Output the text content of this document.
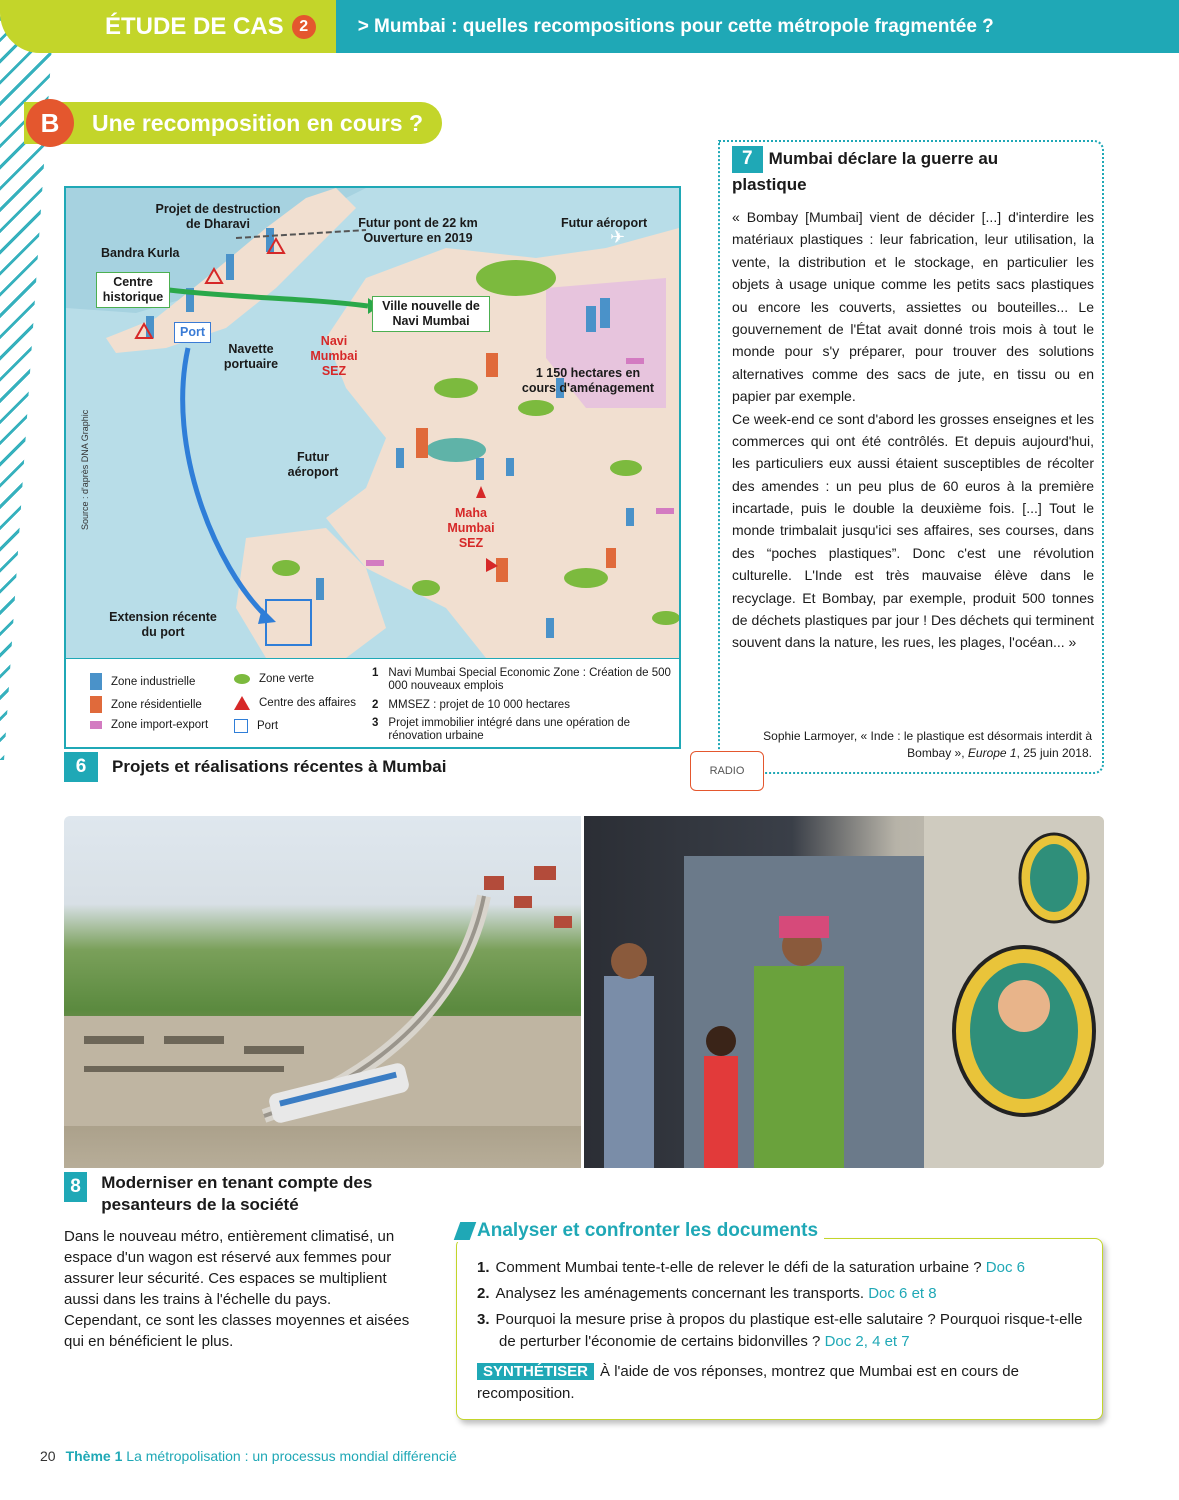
ÉTUDE DE CAS 2	> Mumbai : quelles recompositions pour cette métropole fragmentée ?
B	Une recomposition en cours ?
✈
Projet de destruction de Dharavi
Bandra Kurla
Centre historique
Port
Navette portuaire
Navi Mumbai SEZ
Futur pont de 22 km Ouverture en 2019
Futur aéroport
Ville nouvelle de Navi Mumbai
1 150 hectares en cours d'aménagement
Futur aéroport
Maha Mumbai SEZ
Extension récente du port
Zone industrielle
Zone résidentielle
Zone import-export
Zone verte
Centre des affaires
Port
1 Navi Mumbai Special Economic Zone : Création de 500 000 nouveaux emplois
2 MMSEZ : projet de 10 000 hectares
3 Projet immobilier intégré dans une opération de rénovation urbaine
Source : d'après DNA Graphic
6	Projets et réalisations récentes à Mumbai
7 Mumbai déclare la guerre au plastique

« Bombay [Mumbai] vient de décider [...] d'interdire les matériaux plastiques : leur fabrication, leur utilisation, la vente, la distribution et le stockage, en particulier les objets à usage unique comme les petits sacs plastiques ou encore les couverts, assiettes ou bouteilles... Le gouvernement de l'État avait donné trois mois à tout le monde pour s'y préparer, pour trouver des solutions alternatives comme des sacs de jute, en tissu ou en papier par exemple.

Ce week-end ce sont d'abord les grosses enseignes et les commerces qui ont été contrôlés. Et depuis aujourd'hui, les particuliers eux aussi étaient susceptibles de récolter des amendes : un peu plus de 60 euros à la première incartade, puis le double la deuxième fois. [...] Tout le monde trimbalait jusqu'ici ses affaires, ses courses, dans des “poches plastiques”. Donc c'est une révolution culturelle. L'Inde est très mauvaise élève dans le recyclage. Et Bombay, par exemple, produit 500 tonnes de déchets plastiques par jour ! Des déchets qui terminent souvent dans la nature, les rues, les plages, l'océan... »

Sophie Larmoyer, « Inde : le plastique est désormais interdit à Bombay », Europe 1, 25 juin 2018.
RADIO
8	Moderniser en tenant compte des pesanteurs de la société
Dans le nouveau métro, entièrement climatisé, un espace d'un wagon est réservé aux femmes pour assurer leur sécurité. Ces espaces se multiplient aussi dans les trains à l'échelle du pays. Cependant, ce sont les classes moyennes et aisées qui en bénéficient le plus.
1. Comment Mumbai tente-t-elle de relever le défi de la saturation urbaine ? Doc 6
2. Analysez les aménagements concernant les transports. Doc 6 et 8
3. Pourquoi la mesure prise à propos du plastique est-elle salutaire ? Pourquoi risque-t-elle de perturber l'économie de certains bidonvilles ? Doc 2, 4 et 7
SYNTHÉTISER À l'aide de vos réponses, montrez que Mumbai est en cours de recomposition.
Analyser et confronter les documents
20 Thème 1 La métropolisation : un processus mondial différencié
